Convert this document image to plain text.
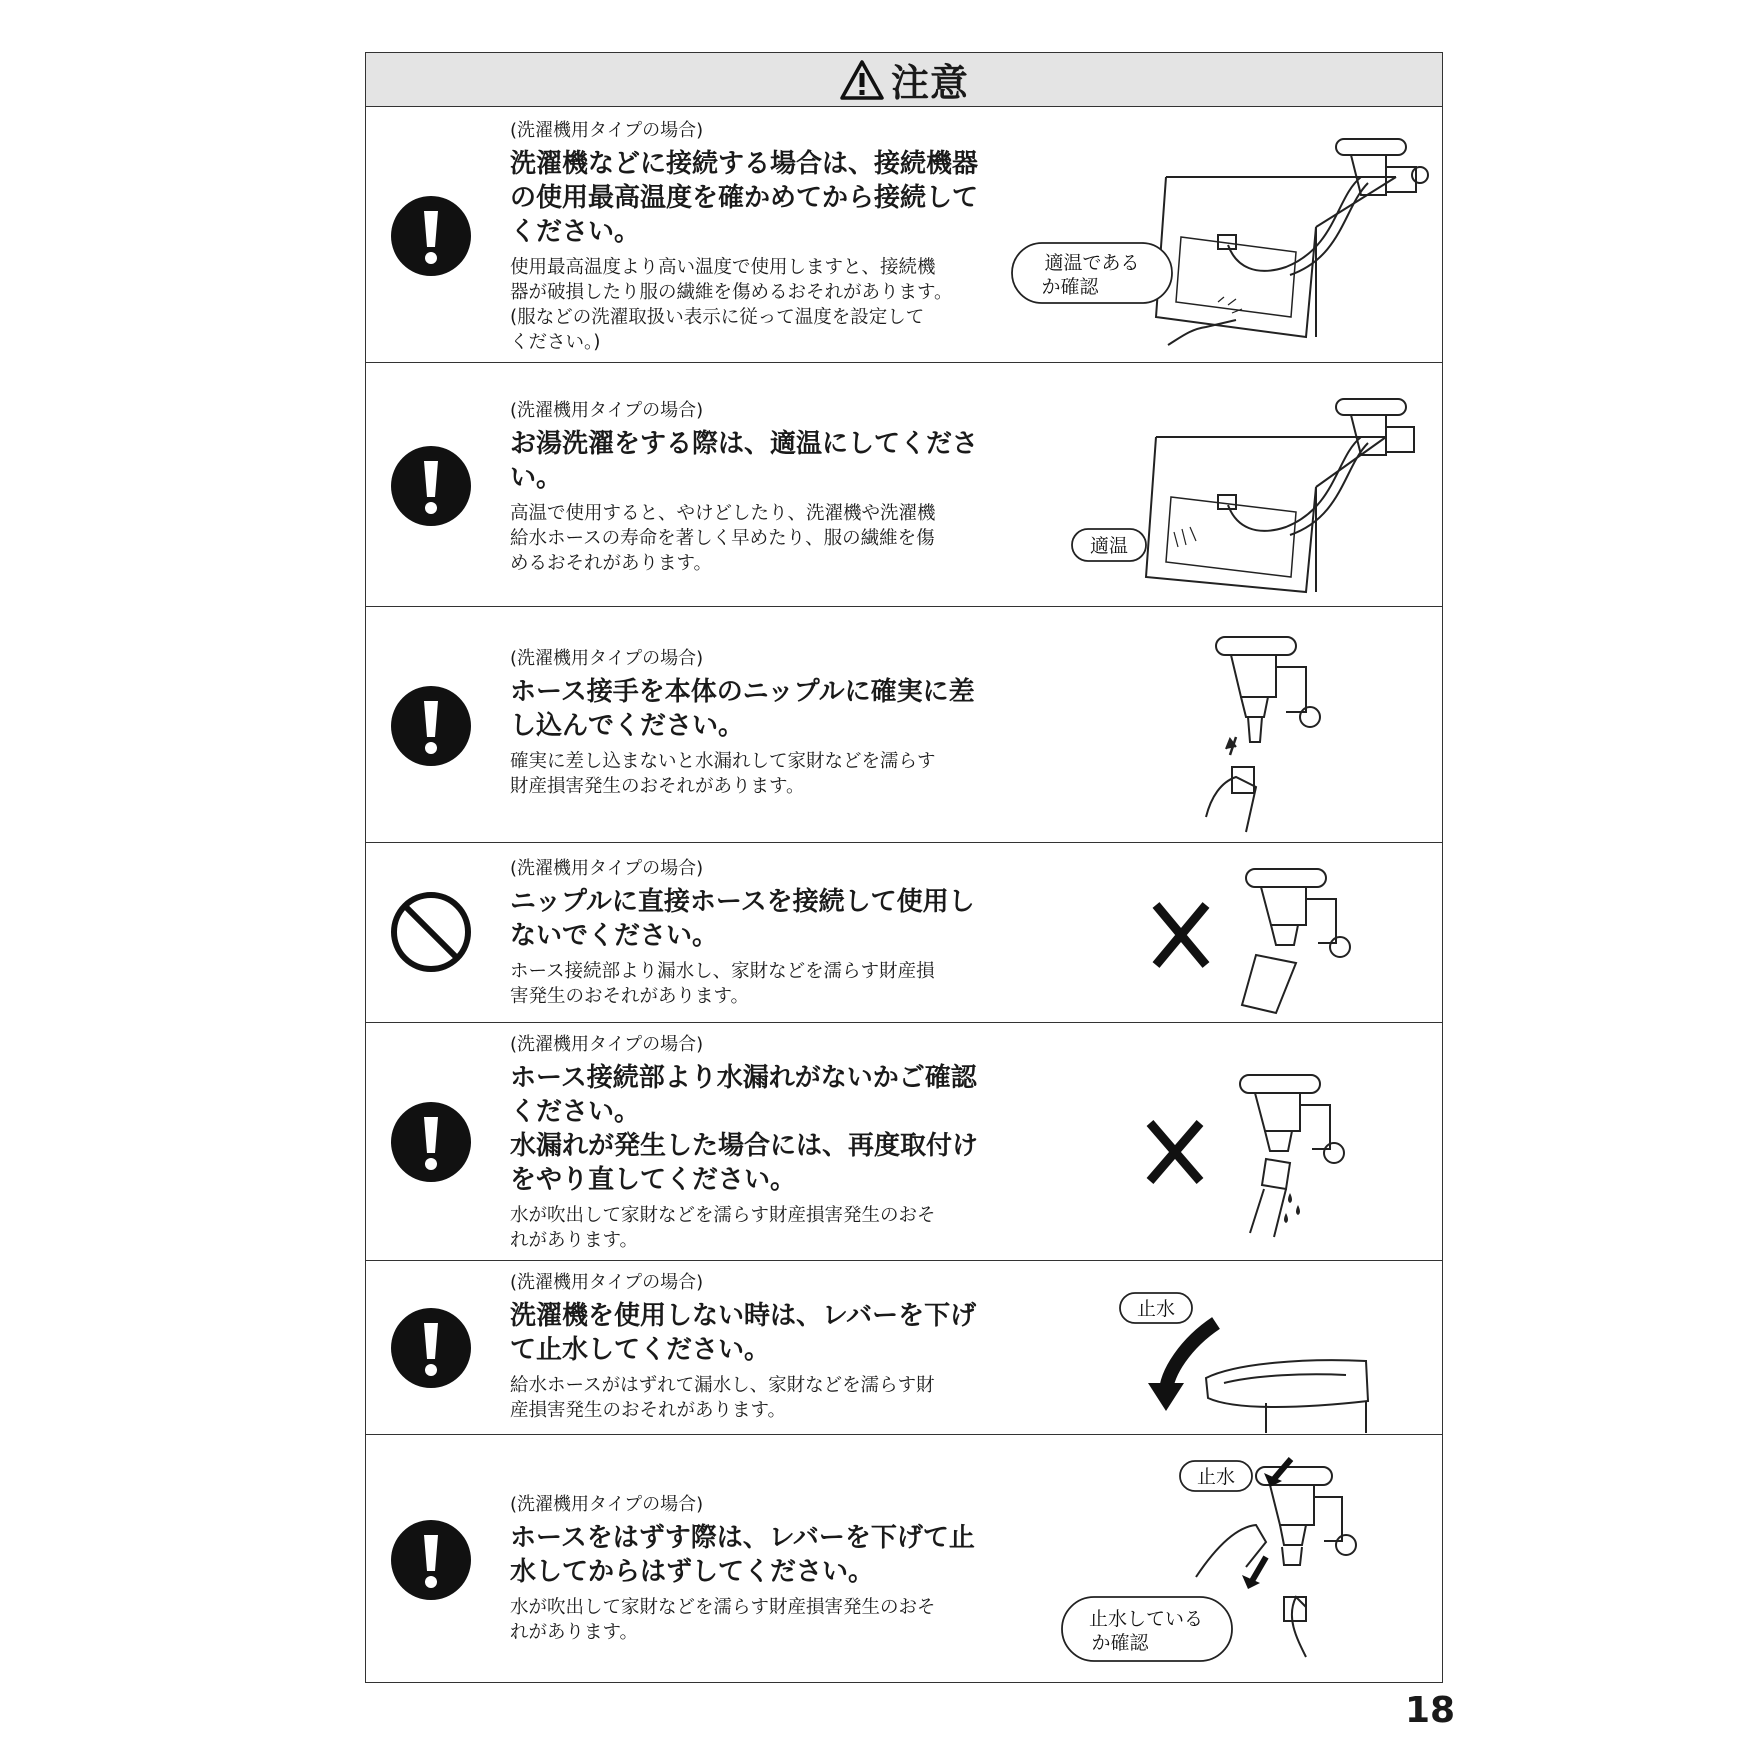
注意

(洗濯機用タイプの場合)

洗濯機などに接続する場合は、接続機器
の使用最高温度を確かめてから接続して
ください。

使用最高温度より高い温度で使用しますと、接続機
器が破損したり服の繊維を傷めるおそれがあります。
(服などの洗濯取扱い表示に従って温度を設定して
ください。)

適温である
か確認

(洗濯機用タイプの場合)

お湯洗濯をする際は、適温にしてくださ
い。

高温で使用すると、やけどしたり、洗濯機や洗濯機
給水ホースの寿命を著しく早めたり、服の繊維を傷
めるおそれがあります。

適温

(洗濯機用タイプの場合)

ホース接手を本体のニップルに確実に差
し込んでください。

確実に差し込まないと水漏れして家財などを濡らす
財産損害発生のおそれがあります。

(洗濯機用タイプの場合)

ニップルに直接ホースを接続して使用し
ないでください。

ホース接続部より漏水し、家財などを濡らす財産損
害発生のおそれがあります。

(洗濯機用タイプの場合)

ホース接続部より水漏れがないかご確認
ください。
水漏れが発生した場合には、再度取付け
をやり直してください。

水が吹出して家財などを濡らす財産損害発生のおそ
れがあります。

(洗濯機用タイプの場合)

洗濯機を使用しない時は、レバーを下げ
て止水してください。

給水ホースがはずれて漏水し、家財などを濡らす財
産損害発生のおそれがあります。

止水

(洗濯機用タイプの場合)

ホースをはずす際は、レバーを下げて止
水してからはずしてください。

水が吹出して家財などを濡らす財産損害発生のおそ
れがあります。

止水
止水している
か確認
18
